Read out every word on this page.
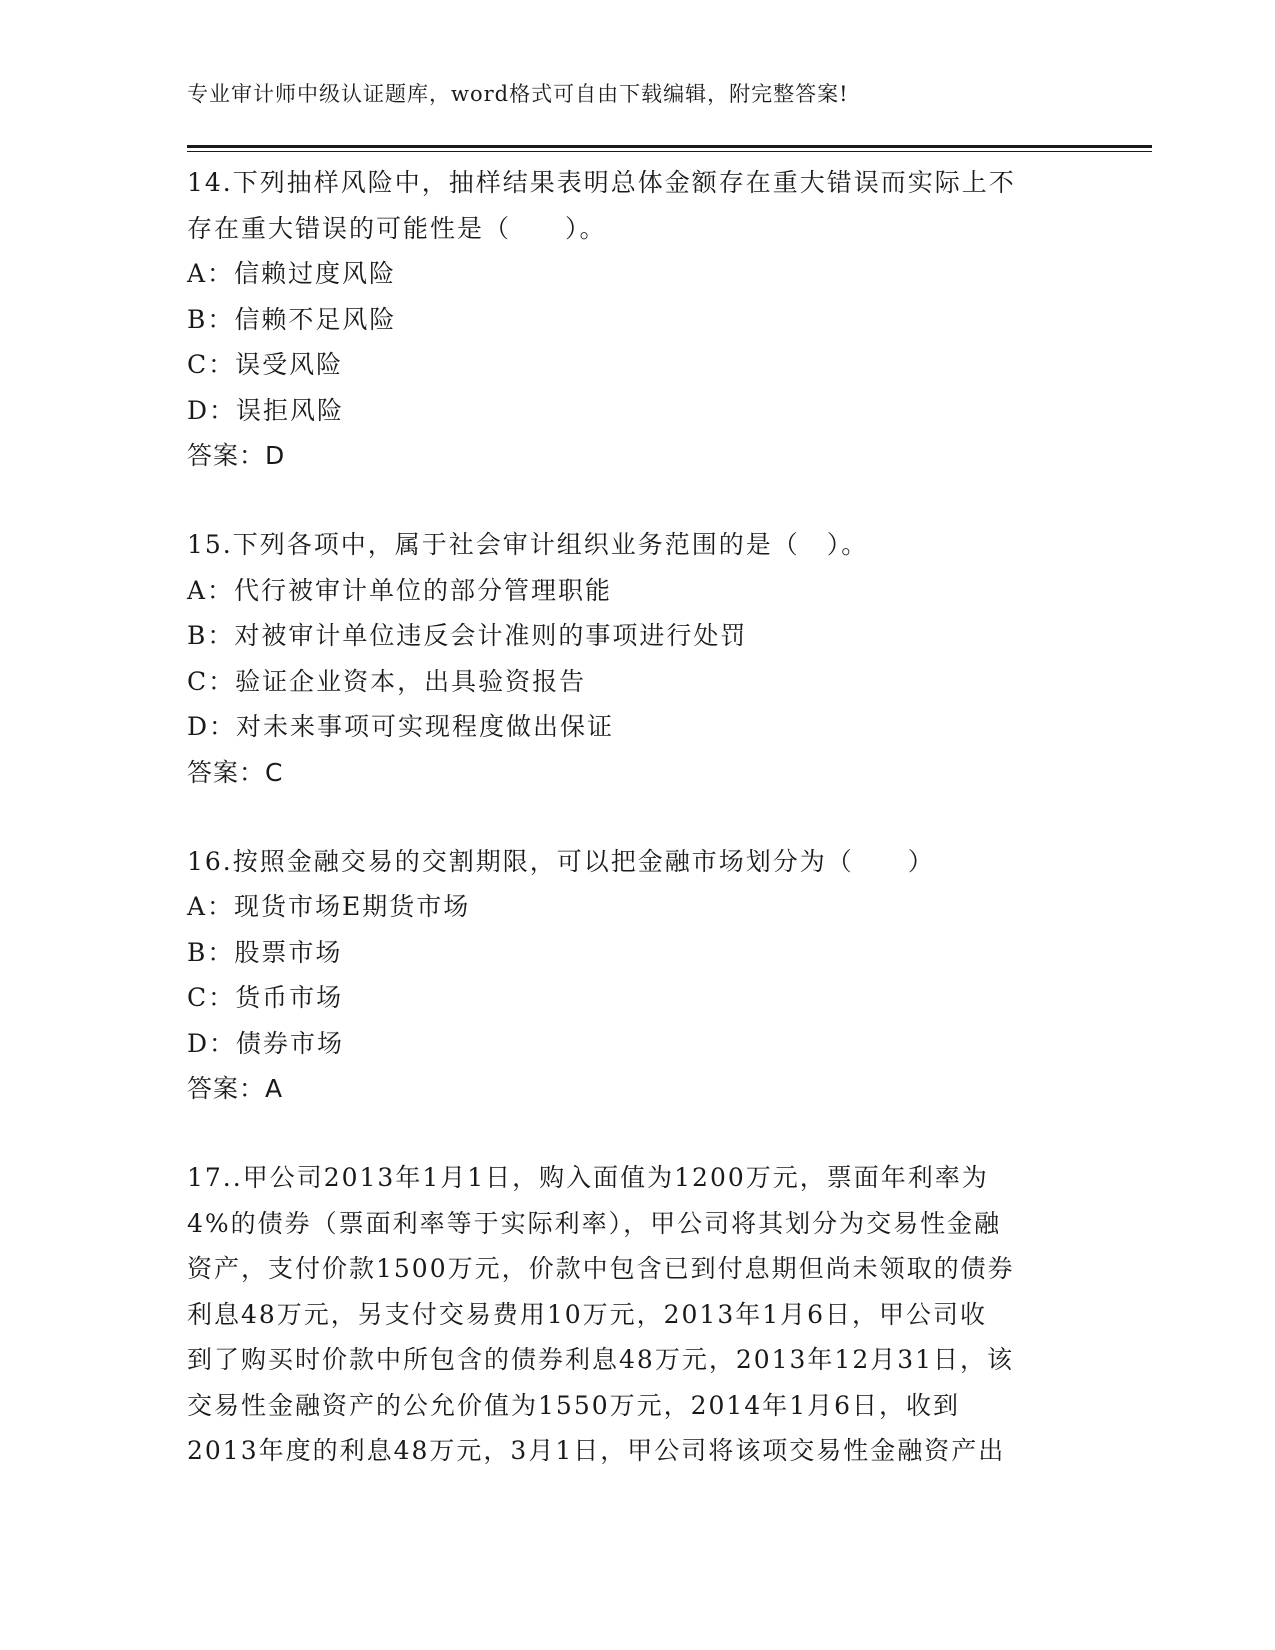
专业审计师中级认证题库，word格式可自由下载编辑，附完整答案!
14.下列抽样风险中，抽样结果表明总体金额存在重大错误而实际上不
存在重大错误的可能性是（　　）。
A：信赖过度风险
B：信赖不足风险
C：误受风险
D：误拒风险
答案：D
15.下列各项中，属于社会审计组织业务范围的是（　）。
A：代行被审计单位的部分管理职能
B：对被审计单位违反会计准则的事项进行处罚
C：验证企业资本，出具验资报告
D：对未来事项可实现程度做出保证
答案：C
16.按照金融交易的交割期限，可以把金融市场划分为（　　）
A：现货市场E期货市场
B：股票市场
C：货币市场
D：债券市场
答案：A
17..甲公司2013年1月1日，购入面值为1200万元，票面年利率为
4%的债券（票面利率等于实际利率），甲公司将其划分为交易性金融
资产，支付价款1500万元，价款中包含已到付息期但尚未领取的债券
利息48万元，另支付交易费用10万元，2013年1月6日，甲公司收
到了购买时价款中所包含的债券利息48万元，2013年12月31日，该
交易性金融资产的公允价值为1550万元，2014年1月6日，收到
2013年度的利息48万元，3月1日，甲公司将该项交易性金融资产出
